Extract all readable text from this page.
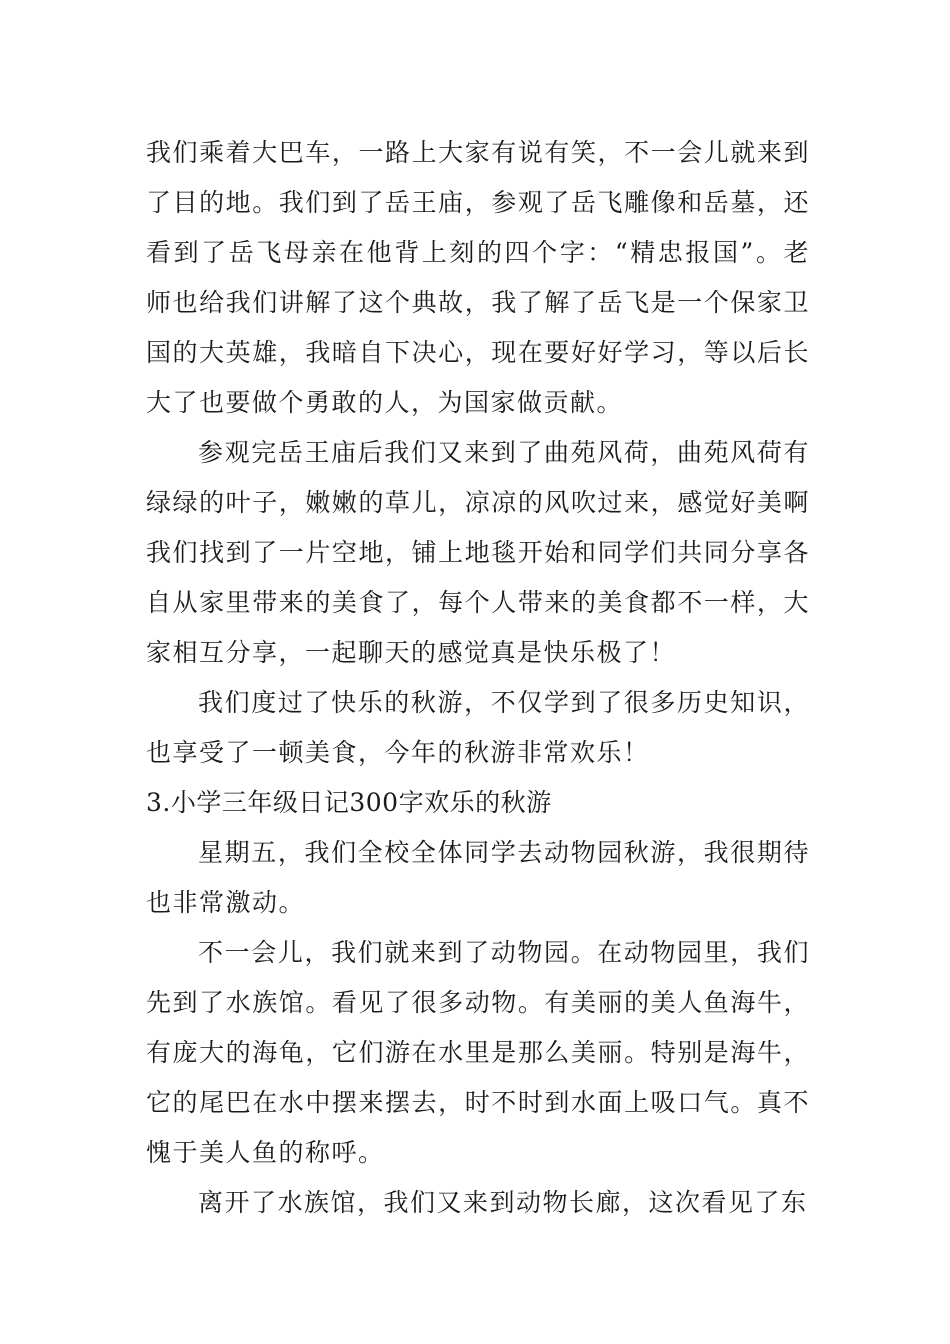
我们乘着大巴车，一路上大家有说有笑，不一会儿就来到了目的地。我们到了岳王庙，参观了岳飞雕像和岳墓，还看到了岳飞母亲在他背上刻的四个字：“精忠报国”。老师也给我们讲解了这个典故，我了解了岳飞是一个保家卫国的大英雄，我暗自下决心，现在要好好学习，等以后长大了也要做个勇敢的人，为国家做贡献。

参观完岳王庙后我们又来到了曲苑风荷，曲苑风荷有绿绿的叶子，嫩嫩的草儿，凉凉的风吹过来，感觉好美啊我们找到了一片空地，铺上地毯开始和同学们共同分享各自从家里带来的美食了，每个人带来的美食都不一样，大家相互分享，一起聊天的感觉真是快乐极了！

我们度过了快乐的秋游，不仅学到了很多历史知识，也享受了一顿美食，今年的秋游非常欢乐！

3.小学三年级日记300字欢乐的秋游

星期五，我们全校全体同学去动物园秋游，我很期待也非常激动。

不一会儿，我们就来到了动物园。在动物园里，我们先到了水族馆。看见了很多动物。有美丽的美人鱼海牛，有庞大的海龟，它们游在水里是那么美丽。特别是海牛，它的尾巴在水中摆来摆去，时不时到水面上吸口气。真不愧于美人鱼的称呼。

离开了水族馆，我们又来到动物长廊，这次看见了东
